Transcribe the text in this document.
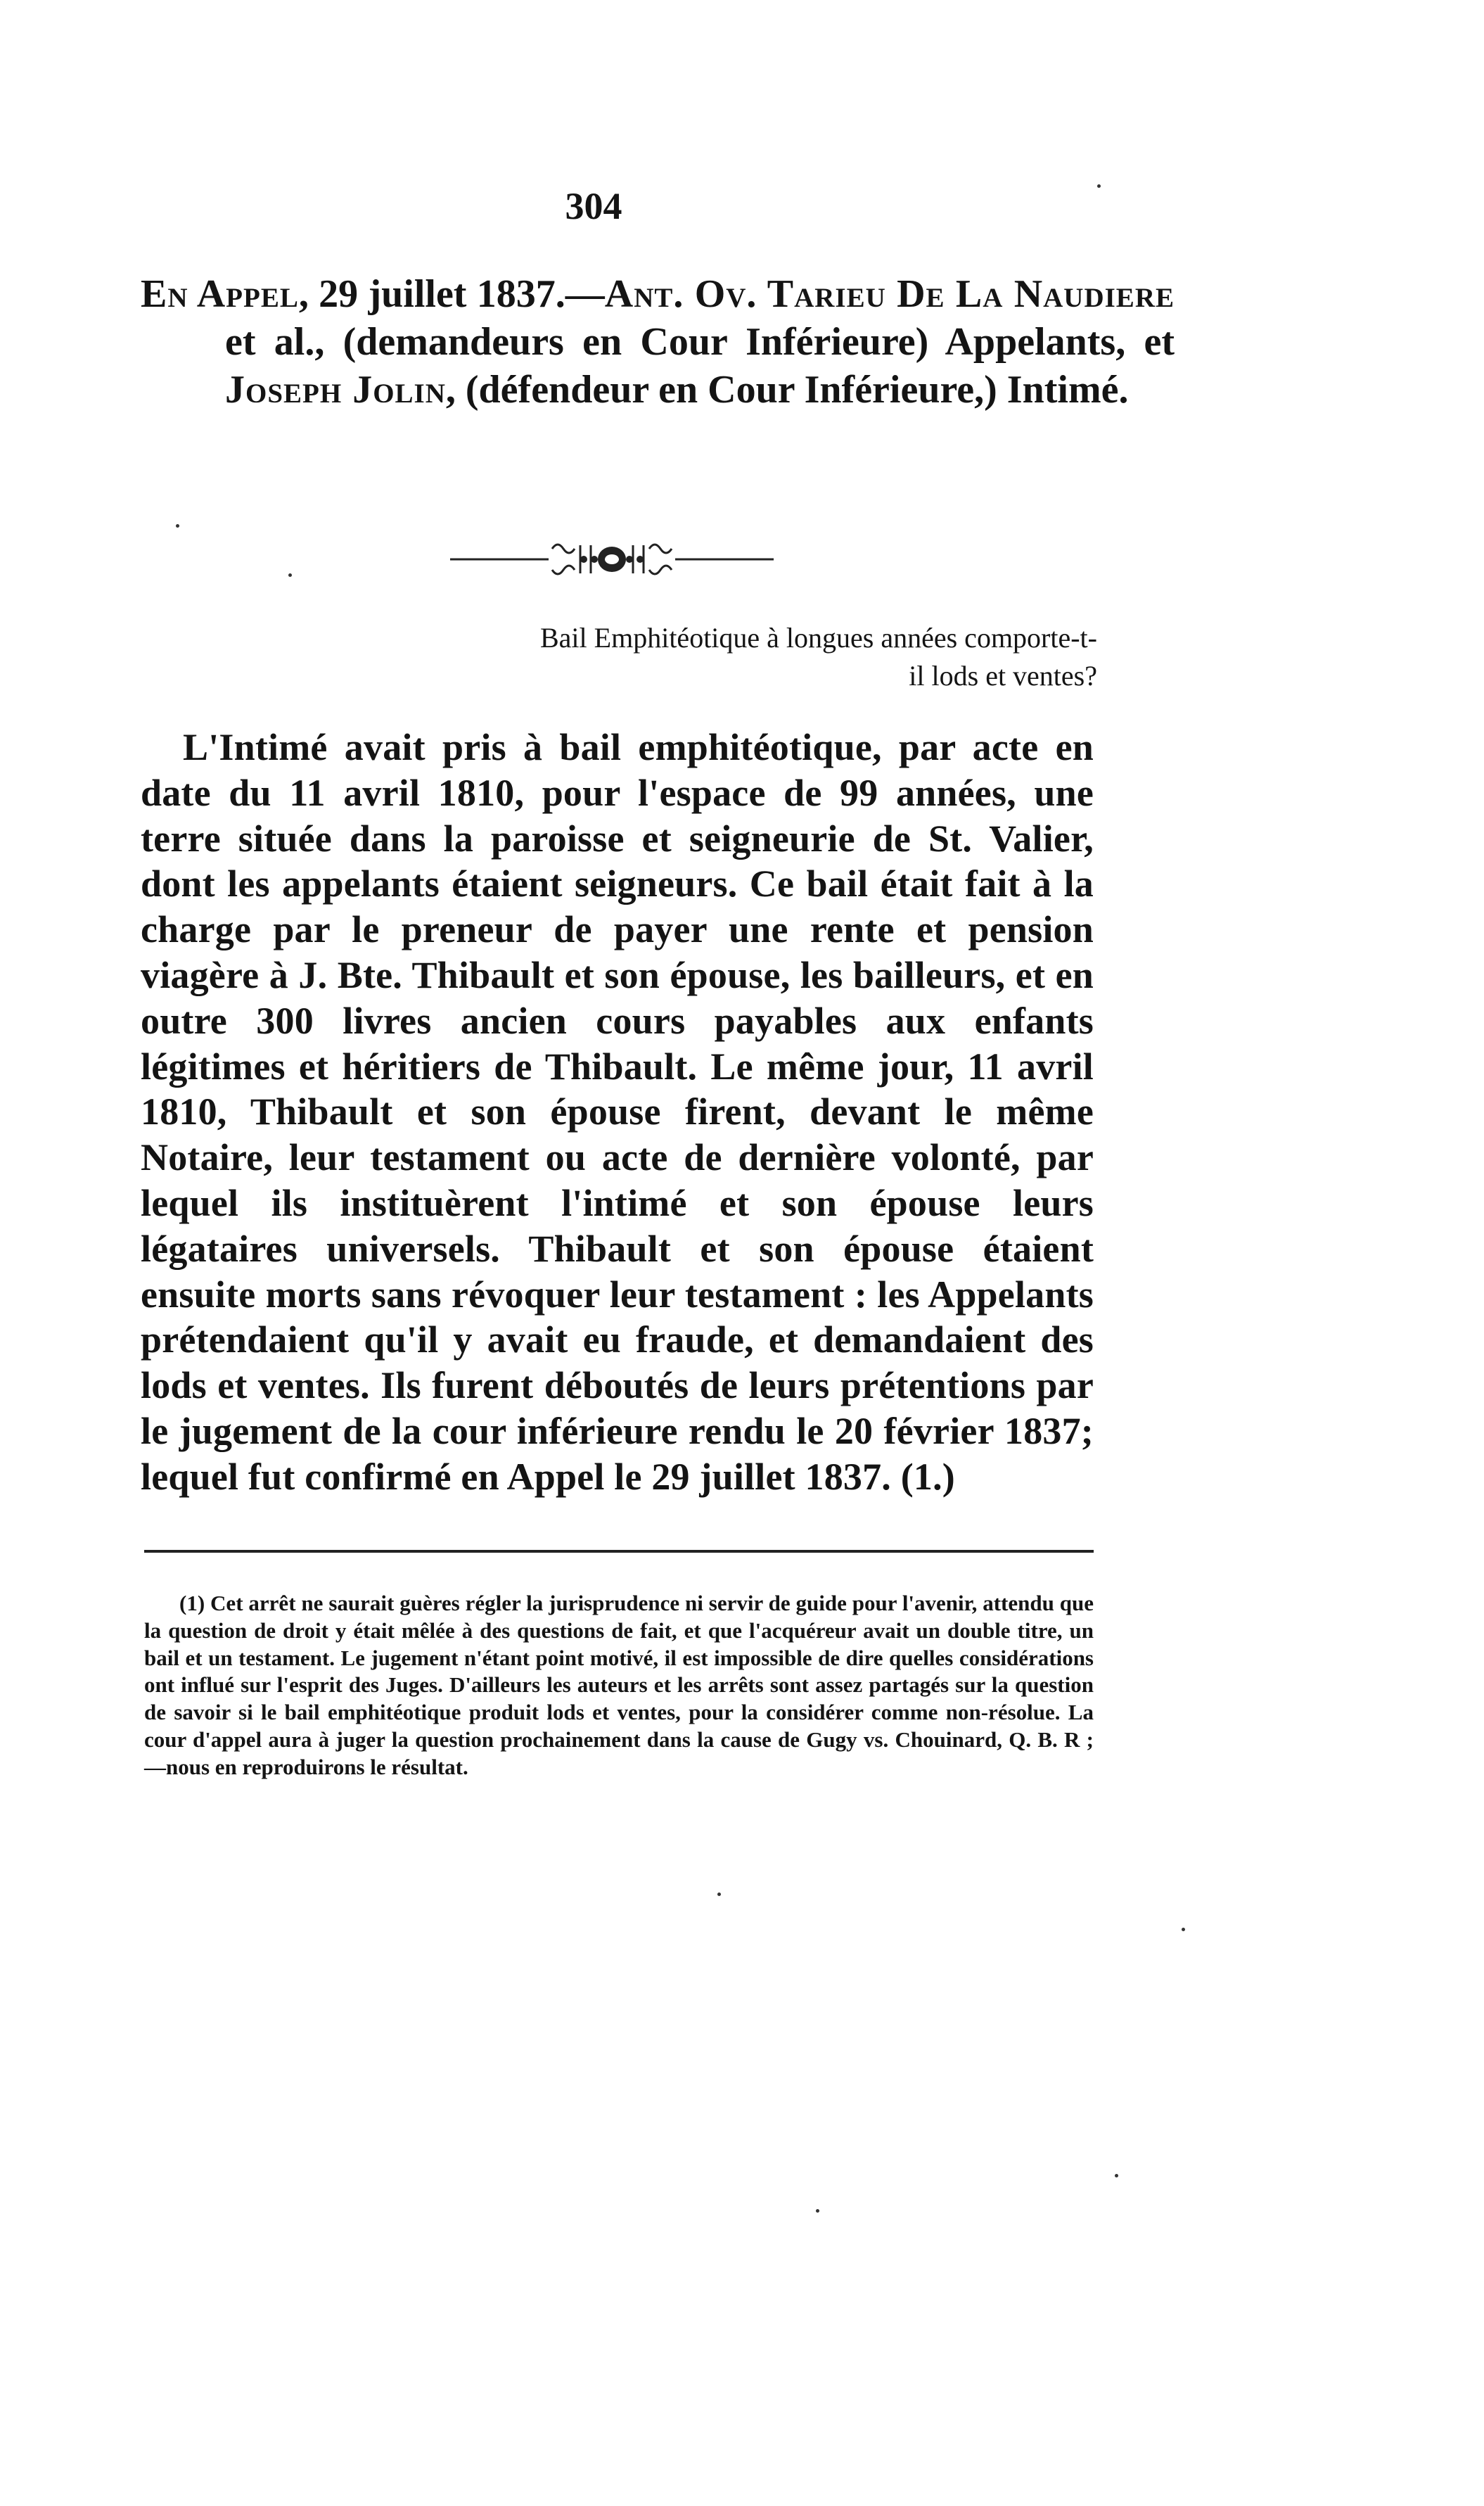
304
En Appel, 29 juillet 1837.—Ant. Ov. Tarieu De La Naudiere et al., (demandeurs en Cour Inférieure) Appelants, et Joseph Jolin, (défendeur en Cour Inférieure,) Intimé.
Bail Emphitéotique à longues années comporte-t-il lods et ventes?
L'Intimé avait pris à bail emphitéotique, par acte en date du 11 avril 1810, pour l'espace de 99 années, une terre située dans la paroisse et seigneurie de St. Valier, dont les appelants étaient seigneurs. Ce bail était fait à la charge par le preneur de payer une rente et pension viagère à J. Bte. Thibault et son épouse, les bailleurs, et en outre 300 livres ancien cours payables aux enfants légitimes et héritiers de Thibault. Le même jour, 11 avril 1810, Thibault et son épouse firent, devant le même Notaire, leur testament ou acte de dernière volonté, par lequel ils instituèrent l'intimé et son épouse leurs légataires universels. Thibault et son épouse étaient ensuite morts sans révoquer leur testament : les Appelants prétendaient qu'il y avait eu fraude, et demandaient des lods et ventes. Ils furent déboutés de leurs prétentions par le jugement de la cour inférieure rendu le 20 février 1837; lequel fut confirmé en Appel le 29 juillet 1837. (1.)
(1) Cet arrêt ne saurait guères régler la jurisprudence ni servir de guide pour l'avenir, attendu que la question de droit y était mêlée à des questions de fait, et que l'acquéreur avait un double titre, un bail et un testament. Le jugement n'étant point motivé, il est impossible de dire quelles considérations ont influé sur l'esprit des Juges. D'ailleurs les auteurs et les arrêts sont assez partagés sur la question de savoir si le bail emphitéotique produit lods et ventes, pour la considérer comme non-résolue. La cour d'appel aura à juger la question prochainement dans la cause de Gugy vs. Chouinard, Q. B. R ;—nous en reproduirons le résultat.
